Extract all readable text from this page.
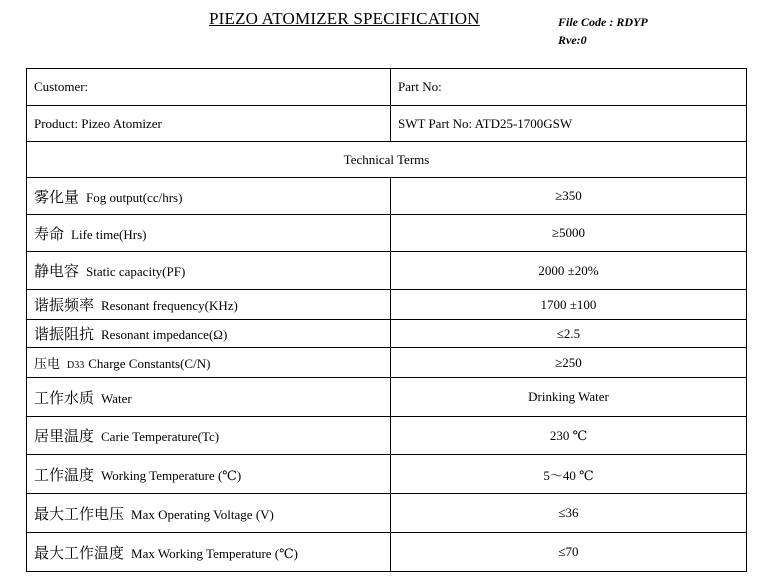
PIEZO ATOMIZER SPECIFICATION	File Code : RDYP
Rve:0
Customer:	Part No:
Product: Pizeo Atomizer	SWT Part No: ATD25-1700GSW
Technical Terms	
雾化量 Fog output(cc/hrs)	≥350
寿命 Life time(Hrs)	≥5000
静电容 Static capacity(PF)	2000 ±20%
谐振频率 Resonant frequency(KHz)	1700 ±100
谐振阻抗 Resonant impedance(Ω)	≤2.5
压电 D33 Charge Constants(C/N)	≥250
工作水质 Water	Drinking Water
居里温度 Carie Temperature(Tc)	230 ℃
工作温度 Working Temperature (℃)	5～40 ℃
最大工作电压 Max Operating Voltage (V)	≤36
最大工作温度 Max Working Temperature (℃)	≤70
